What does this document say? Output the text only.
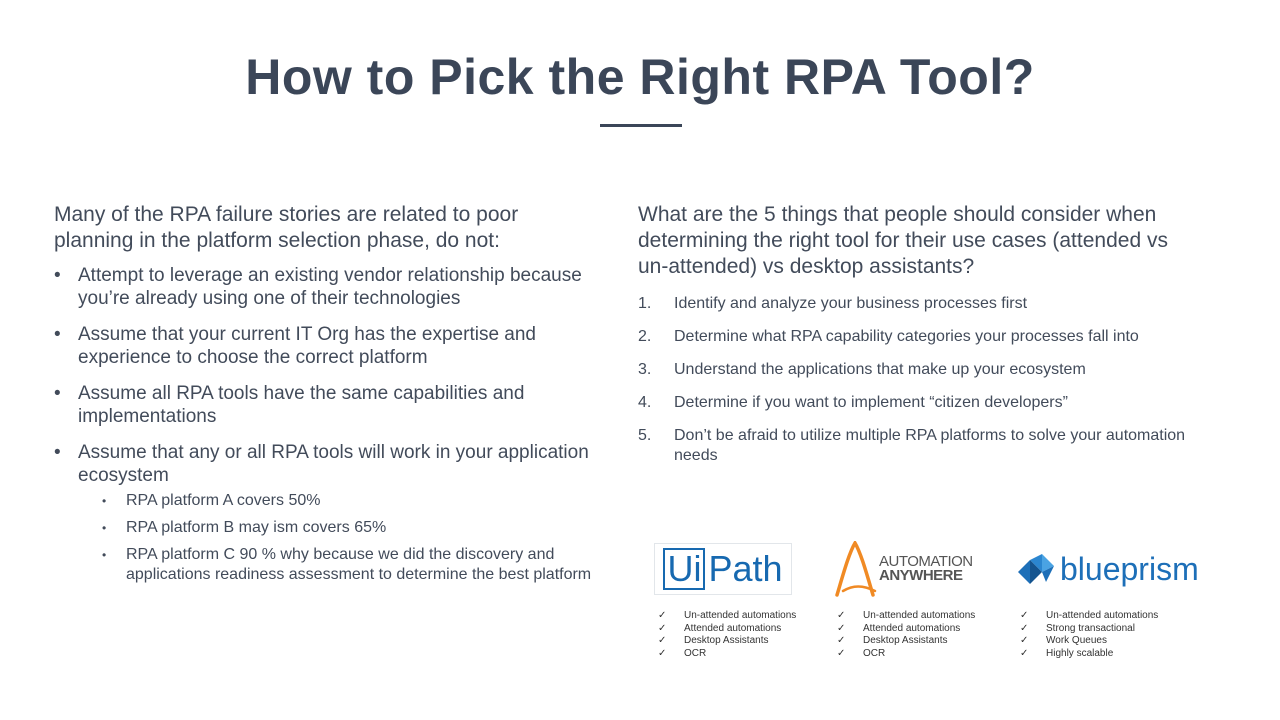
How to Pick the Right RPA Tool?

Many of the RPA failure stories are related to poor planning in the platform selection phase, do not:

• Attempt to leverage an existing vendor relationship because you’re already using one of their technologies
• Assume that your current IT Org has the expertise and experience to choose the correct platform
• Assume all RPA tools have the same capabilities and implementations
• Assume that any or all RPA tools will work in your application ecosystem
• RPA platform A covers 50%
• RPA platform B may ism covers 65%
• RPA platform C 90 % why because we did the discovery and applications readiness assessment to determine the best platform

What are the 5 things that people should consider when determining the right tool for their use cases (attended vs un-attended) vs desktop assistants?

1. Identify and analyze your business processes first
2. Determine what RPA capability categories your processes fall into
3. Understand the applications that make up your ecosystem
4. Determine if you want to implement “citizen developers”
5. Don’t be afraid to utilize multiple RPA platforms to solve your automation needs
Ui Path
✓ Un-attended automations
✓ Attended automations
✓ Desktop Assistants
✓ OCR
AUTOMATION
ANYWHERE
✓ Un-attended automations
✓ Attended automations
✓ Desktop Assistants
✓ OCR
blueprism
✓ Un-attended automations
✓ Strong transactional
✓ Work Queues
✓ Highly scalable
